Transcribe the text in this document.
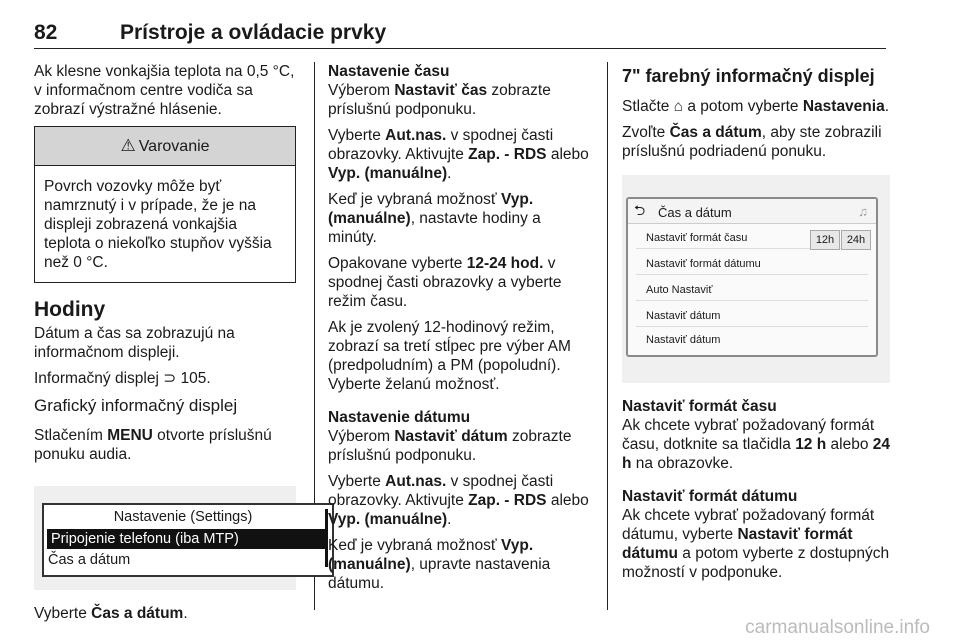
82	Prístroje a ovládacie prvky

Ak klesne vonkajšia teplota na 0,5 °C, v informačnom centre vodiča sa zobrazí výstražné hlásenie.

⚠ Varovanie
Povrch vozovky môže byť namrznutý i v prípade, že je na displeji zobrazená vonkajšia teplota o niekoľko stupňov vyššia než 0 °C.
Hodiny

Dátum a čas sa zobrazujú na informačnom displeji.

Informačný displej ⊃ 105.

Grafický informačný displej

Stlačením MENU otvorte príslušnú ponuku audia.

Nastavenie (Settings)
Pripojenie telefonu (iba MTP)
Čas a dátum

Vyberte Čas a dátum.

Nastavenie času

Výberom Nastaviť čas zobrazte príslušnú podponuku.

Vyberte Aut.nas. v spodnej časti obrazovky. Aktivujte Zap. - RDS alebo Vyp. (manuálne).

Keď je vybraná možnosť Vyp. (manuálne), nastavte hodiny a minúty.

Opakovane vyberte 12-24 hod. v spodnej časti obrazovky a vyberte režim času.

Ak je zvolený 12-hodinový režim, zobrazí sa tretí stĺpec pre výber AM (predpoludním) a PM (popoludní). Vyberte želanú možnosť.

Nastavenie dátumu

Výberom Nastaviť dátum zobrazte príslušnú podponuku.

Vyberte Aut.nas. v spodnej časti obrazovky. Aktivujte Zap. - RDS alebo Vyp. (manuálne).

Keď je vybraná možnosť Vyp. (manuálne), upravte nastavenia dátumu.

7" farebný informačný displej

Stlačte ⌂ a potom vyberte Nastavenia.

Zvoľte Čas a dátum, aby ste zobrazili príslušnú podriadenú ponuku.

⮌ Čas a dátum	♫
Nastaviť formát času	12h	24h
Nastaviť formát dátumu
Auto Nastaviť
Nastaviť dátum
Nastaviť dátum

Nastaviť formát času

Ak chcete vybrať požadovaný formát času, dotknite sa tlačidla 12 h alebo 24 h na obrazovke.

Nastaviť formát dátumu

Ak chcete vybrať požadovaný formát dátumu, vyberte Nastaviť formát dátumu a potom vyberte z dostupných možností v podponuke.

carmanualsonline.info
